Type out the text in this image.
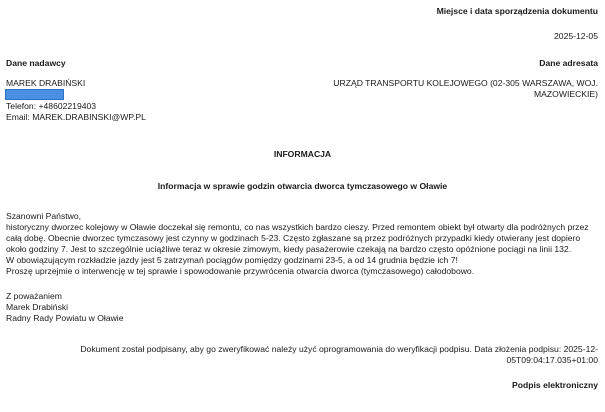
Miejsce i data sporządzenia dokumentu
2025-12-05
Dane nadawcy	Dane adresata
MAREK DRABIŃSKI
Telefon: +48602219403
Email: MAREK.DRABINSKI@WP.PL
URZĄD TRANSPORTU KOLEJOWEGO (02-305 WARSZAWA, WOJ. MAZOWIECKIE)
INFORMACJA
Informacja w sprawie godzin otwarcia dworca tymczasowego w Oławie

Szanowni Państwo,

historyczny dworzec kolejowy w Oławie doczekał się remontu, co nas wszystkich bardzo cieszy. Przed remontem obiekt był otwarty dla podróżnych przez całą dobę. Obecnie dworzec tymczasowy jest czynny w godzinach 5-23. Często zgłaszane są przez podróżnych przypadki kiedy otwierany jest dopiero około godziny 7. Jest to szczególnie uciążliwe teraz w okresie zimowym, kiedy pasażerowie czekają na bardzo często opóźnione pociągi na linii 132.

W obowiązującym rozkładzie jazdy jest 5 zatrzymań pociągów pomiędzy godzinami 23-5, a od 14 grudnia będzie ich 7!

Proszę uprzejmie o interwencję w tej sprawie i spowodowanie przywrócenia otwarcia dworca (tymczasowego) całodobowo.

Z poważaniem
Marek Drabiński
Radny Rady Powiatu w Oławie
Dokument został podpisany, aby go zweryfikować należy użyć oprogramowania do weryfikacji podpisu. Data złożenia podpisu: 2025-12-05T09:04:17.035+01:00
Podpis elektroniczny
